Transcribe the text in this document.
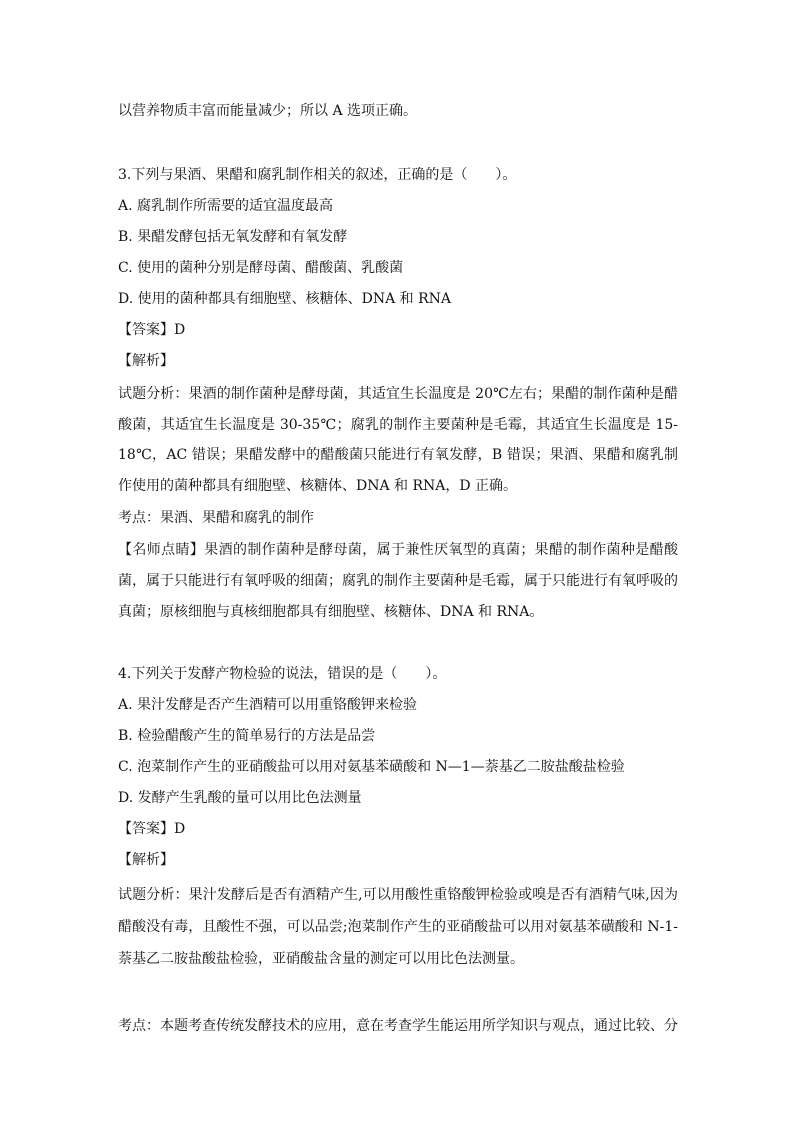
以营养物质丰富而能量减少；所以 A 选项正确。
3.下列与果酒、果醋和腐乳制作相关的叙述，正确的是（　　）。
A. 腐乳制作所需要的适宜温度最高
B. 果醋发酵包括无氧发酵和有氧发酵
C. 使用的菌种分别是酵母菌、醋酸菌、乳酸菌
D. 使用的菌种都具有细胞壁、核糖体、DNA 和 RNA
【答案】D
【解析】
试题分析：果酒的制作菌种是酵母菌，其适宜生长温度是 20℃左右；果醋的制作菌种是醋酸菌，其适宜生长温度是 30-35℃；腐乳的制作主要菌种是毛霉，其适宜生长温度是 15-18℃，AC 错误；果醋发酵中的醋酸菌只能进行有氧发酵，B 错误；果酒、果醋和腐乳制作使用的菌种都具有细胞壁、核糖体、DNA 和 RNA，D 正确。
考点：果酒、果醋和腐乳的制作
【名师点睛】果酒的制作菌种是酵母菌，属于兼性厌氧型的真菌；果醋的制作菌种是醋酸菌，属于只能进行有氧呼吸的细菌；腐乳的制作主要菌种是毛霉，属于只能进行有氧呼吸的真菌；原核细胞与真核细胞都具有细胞壁、核糖体、DNA 和 RNA。
4.下列关于发酵产物检验的说法，错误的是（　　）。
A. 果汁发酵是否产生酒精可以用重铬酸钾来检验
B. 检验醋酸产生的简单易行的方法是品尝
C. 泡菜制作产生的亚硝酸盐可以用对氨基苯磺酸和 N—1—萘基乙二胺盐酸盐检验
D. 发酵产生乳酸的量可以用比色法测量
【答案】D
【解析】
试题分析：果汁发酵后是否有酒精产生,可以用酸性重铬酸钾检验或嗅是否有酒精气味,因为醋酸没有毒，且酸性不强，可以品尝;泡菜制作产生的亚硝酸盐可以用对氨基苯磺酸和 N-1-萘基乙二胺盐酸盐检验，亚硝酸盐含量的测定可以用比色法测量。
考点：本题考查传统发酵技术的应用，意在考查学生能运用所学知识与观点，通过比较、分
